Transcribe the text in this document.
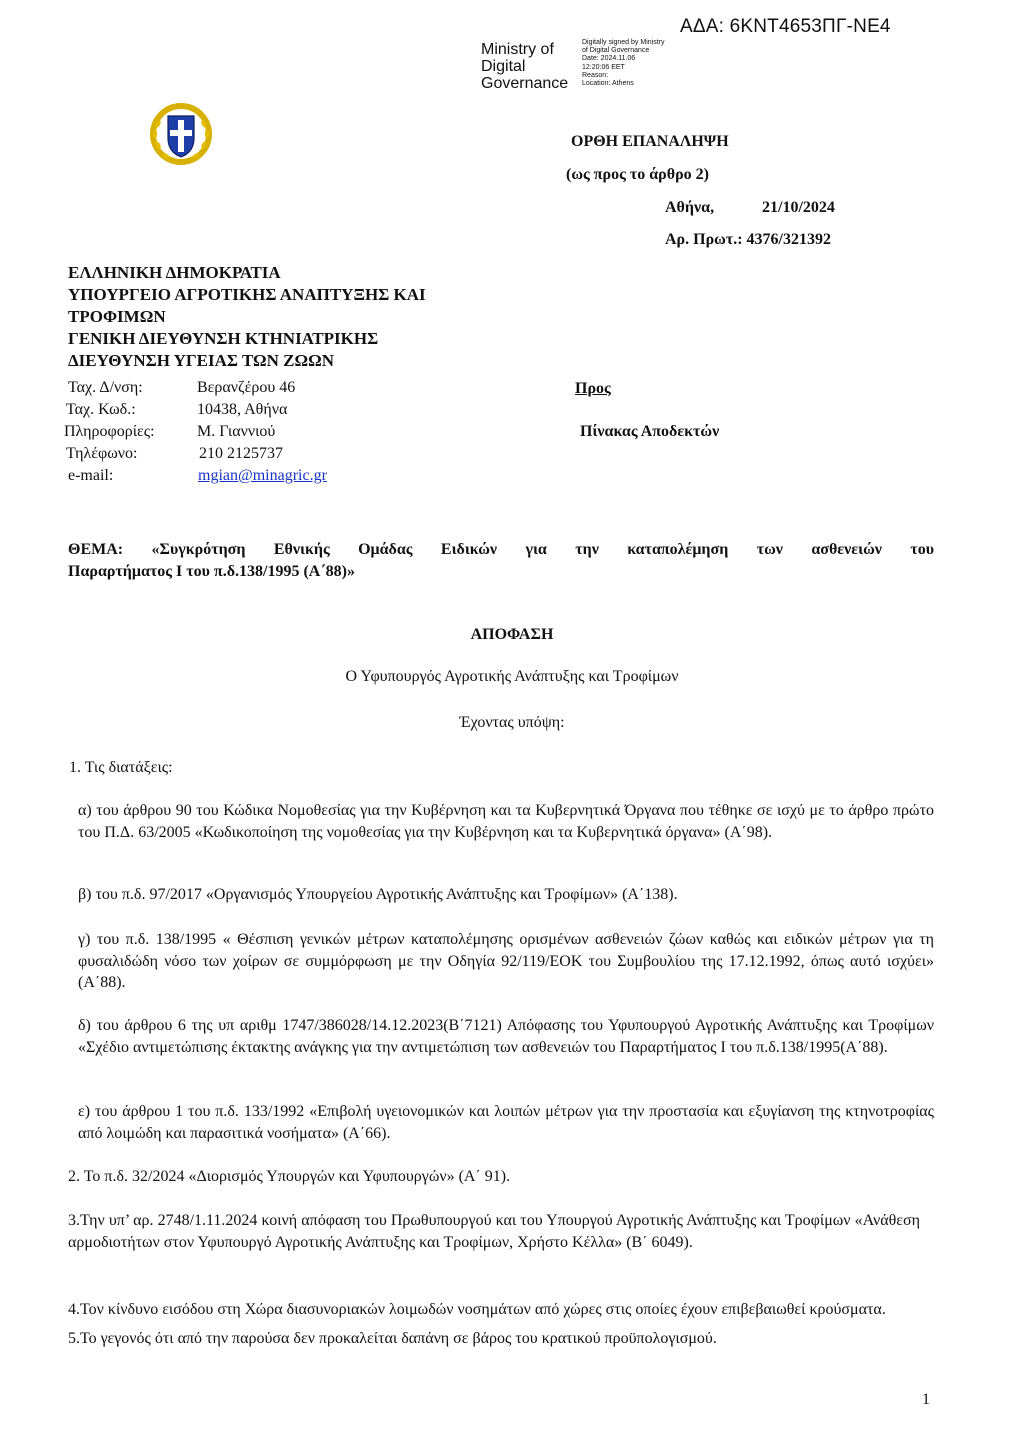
ΑΔΑ: 6ΚΝΤ4653ΠΓ-ΝΕ4
Ministry of
Digital
Governance
Digitally signed by Ministry
of Digital Governance
Date: 2024.11.06
12:20:06 EET
Reason:
Location: Athens
ΟΡΘΗ ΕΠΑΝΑΛΗΨΗ
(ως προς το άρθρο 2)
Αθήνα,	21/10/2024
Αρ. Πρωτ.: 4376/321392
ΕΛΛΗΝΙΚΗ ΔΗΜΟΚΡΑΤΙΑ
ΥΠΟΥΡΓΕΙΟ ΑΓΡΟΤΙΚΗΣ ΑΝΑΠΤΥΞΗΣ ΚΑΙ
ΤΡΟΦΙΜΩΝ
ΓΕΝΙΚΗ ΔΙΕΥΘΥΝΣΗ ΚΤΗΝΙΑΤΡΙΚΗΣ
ΔΙΕΥΘΥΝΣΗ ΥΓΕΙΑΣ ΤΩΝ ΖΩΩΝ
Ταχ. Δ/νση:
Ταχ. Κωδ.:
Πληροφορίες:
Τηλέφωνο:
e-mail:
Βερανζέρου 46
10438, Αθήνα
Μ. Γιαννιού
210 2125737
mgian@minagric.gr
Προς
Πίνακας Αποδεκτών
ΘΕΜΑ: «Συγκρότηση Εθνικής Ομάδας Ειδικών για την καταπολέμηση των ασθενειών του
Παραρτήματος Ι του π.δ.138/1995 (Α΄88)»
ΑΠΟΦΑΣΗ
Ο Υφυπουργός Αγροτικής Ανάπτυξης και Τροφίμων
Έχοντας υπόψη:
1. Τις διατάξεις:
α) του άρθρου 90 του Κώδικα Νομοθεσίας για την Κυβέρνηση και τα Κυβερνητικά Όργανα που τέθηκε σε ισχύ με το άρθρο πρώτο του Π.Δ. 63/2005 «Κωδικοποίηση της νομοθεσίας για την Κυβέρνηση και τα Κυβερνητικά όργανα» (Α΄98).
β) του π.δ. 97/2017 «Οργανισμός Υπουργείου Αγροτικής Ανάπτυξης και Τροφίμων» (Α΄138).
γ) του π.δ. 138/1995 « Θέσπιση γενικών μέτρων καταπολέμησης ορισμένων ασθενειών ζώων καθώς και ειδικών μέτρων για τη φυσαλιδώδη νόσο των χοίρων σε συμμόρφωση με την Οδηγία 92/119/ΕΟΚ του Συμβουλίου της 17.12.1992, όπως αυτό ισχύει» (Α΄88).
δ) του άρθρου 6 της υπ αριθμ 1747/386028/14.12.2023(Β΄7121) Απόφασης του Υφυπουργού Αγροτικής Ανάπτυξης και Τροφίμων «Σχέδιο αντιμετώπισης έκτακτης ανάγκης για την αντιμετώπιση των ασθενειών του Παραρτήματος Ι του π.δ.138/1995(Α΄88).
ε) του άρθρου 1 του π.δ. 133/1992 «Επιβολή υγειονομικών και λοιπών μέτρων για την προστασία και εξυγίανση της κτηνοτροφίας από λοιμώδη και παρασιτικά νοσήματα» (Α΄66).
2. Το π.δ. 32/2024 «Διορισμός Υπουργών και Υφυπουργών» (Α΄ 91).
3.Την υπ’ αρ. 2748/1.11.2024 κοινή απόφαση του Πρωθυπουργού και του Υπουργού Αγροτικής Ανάπτυξης και Τροφίμων «Ανάθεση αρμοδιοτήτων στον Υφυπουργό Αγροτικής Ανάπτυξης και Τροφίμων, Χρήστο Κέλλα» (Β΄ 6049).
4.Τον κίνδυνο εισόδου στη Χώρα διασυνοριακών λοιμωδών νοσημάτων από χώρες στις οποίες έχουν επιβεβαιωθεί κρούσματα.
5.Το γεγονός ότι από την παρούσα δεν προκαλείται δαπάνη σε βάρος του κρατικού προϋπολογισμού.
1
